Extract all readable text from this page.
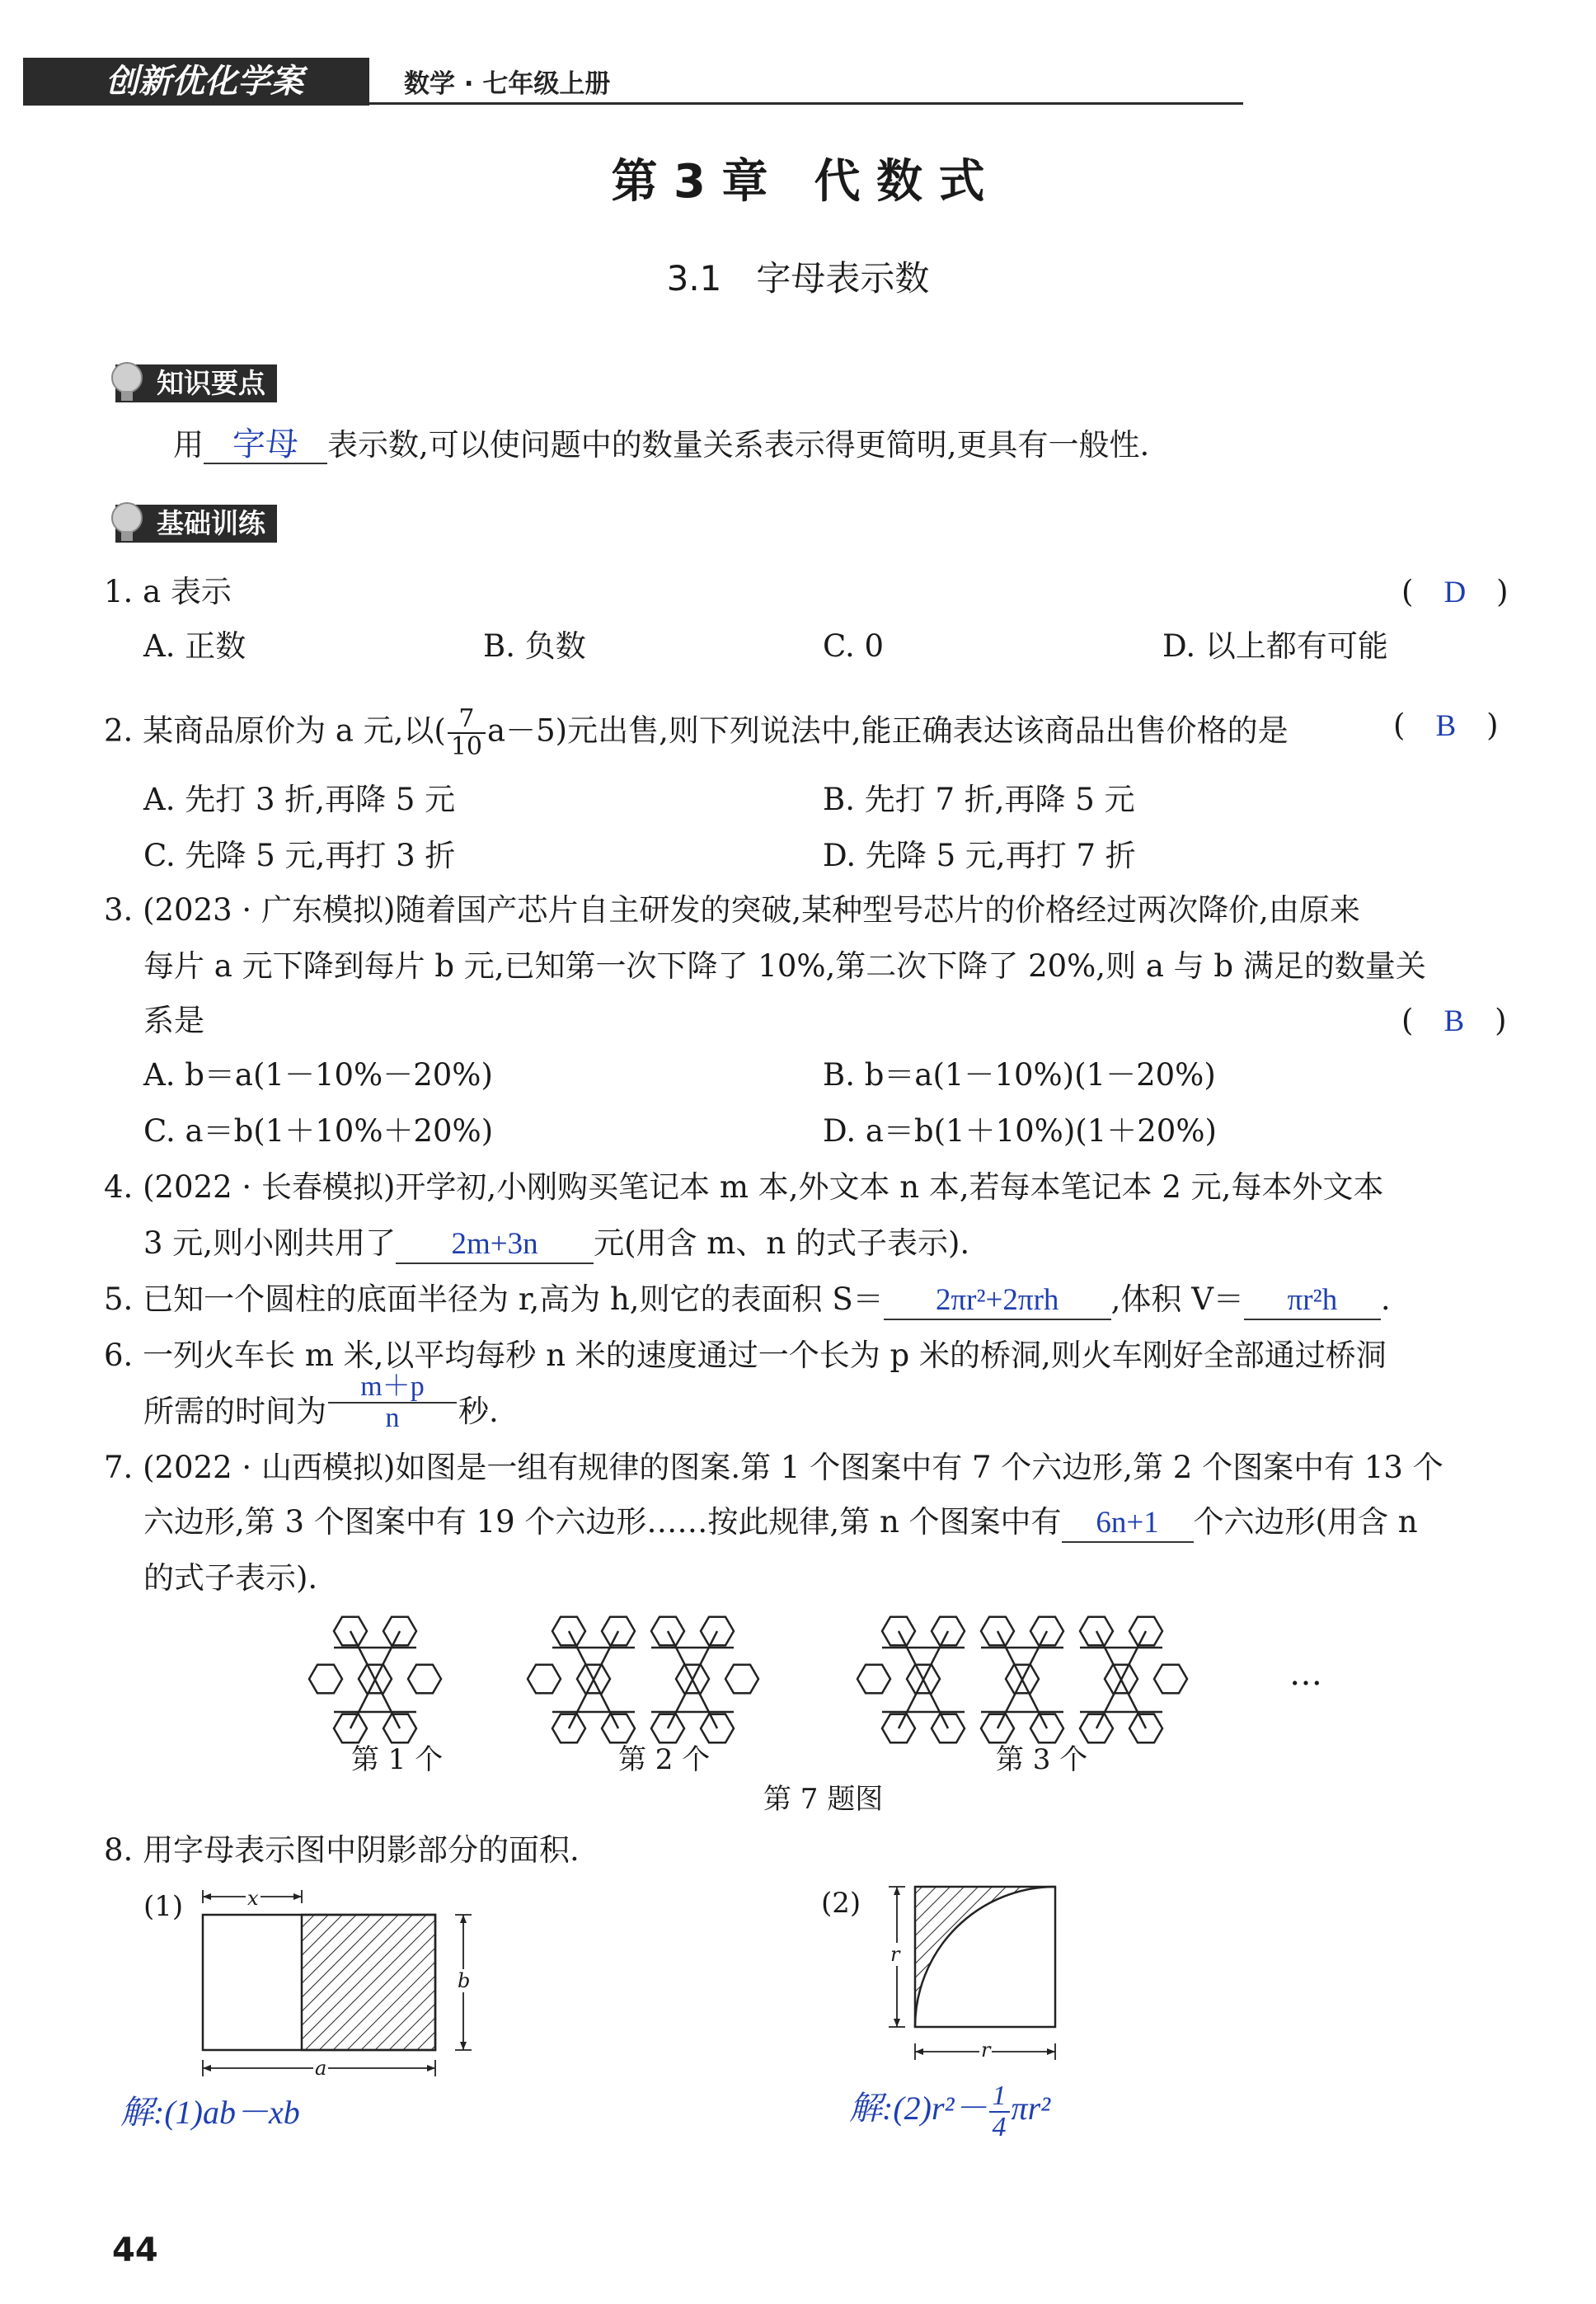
创新优化学案	数学 · 七年级上册
第 3 章　代 数 式
3.1　字母表示数
知识要点
用 字母 表示数,可以使问题中的数量关系表示得更简明,更具有一般性.
基础训练
1. a 表示	(　D　)
A. 正数	B. 负数	C. 0	D. 以上都有可能
2. 某商品原价为 a 元,以( $\frac{7}{10} a-5$)元出售,则下列说法中,能正确表达该商品出售价格的是	(　B　)
A. 先打 3 折,再降 5 元	B. 先打 7 折,再降 5 元
C. 先降 5 元,再打 3 折	D. 先降 5 元,再打 7 折
3. (2023 · 广东模拟)随着国产芯片自主研发的突破,某种型号芯片的价格经过两次降价,由原来
每片 a 元下降到每片 b 元,已知第一次下降了 10%,第二次下降了 20%,则 a 与 b 满足的数量关
系是	(　B　)
A. b＝a(1－10%－20%)	B. b＝a(1－10%)(1－20%)
C. a＝b(1＋10%＋20%)	D. a＝b(1＋10%)(1＋20%)
4. (2022 · 长春模拟)开学初,小刚购买笔记本 m 本,外文本 n 本,若每本笔记本 2 元,每本外文本
3 元,则小刚共用了 2m+3n 元(用含 m、n 的式子表示).
5. 已知一个圆柱的底面半径为 r,高为 h,则它的表面积 S＝ 2πr²+2πrh ,体积 V＝ πr²h .
6. 一列火车长 m 米,以平均每秒 n 米的速度通过一个长为 p 米的桥洞,则火车刚好全部通过桥洞
所需的时间为 $\frac{m+p}{n}$ 秒.
7. (2022 · 山西模拟)如图是一组有规律的图案.第 1 个图案中有 7 个六边形,第 2 个图案中有 13 个
六边形,第 3 个图案中有 19 个六边形……按此规律,第 n 个图案中有 6n+1 个六边形(用含 n
的式子表示).
第 1 个	第 2 个	第 3 个
…
第 7 题图
8. 用字母表示图中阴影部分的面积.
(1)	(2)
x
a
b
r
r
解:(1)ab－xb	解:(2)r²－ $\frac{1}{4} \pi r^2$
44
